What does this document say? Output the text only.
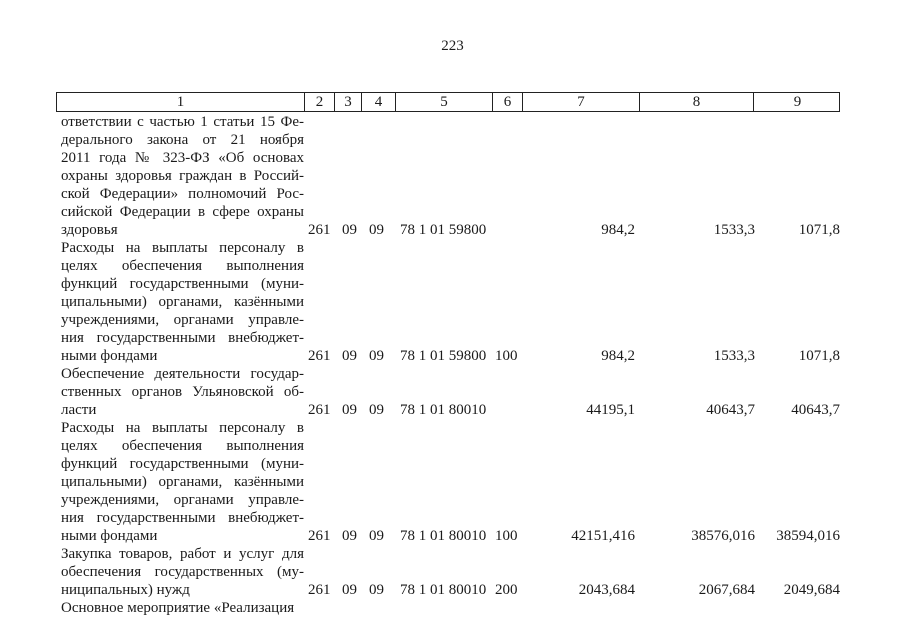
223
1	2	3	4	5	6	7	8	9
ответствии с частью 1 статьи 15 Фе-
дерального закона от 21 ноября
2011 года № 323-ФЗ «Об основах
охраны здоровья граждан в Россий-
ской Федерации» полномочий Рос-
сийской Федерации в сфере охраны
здоровья	261 09 09 78 1 01 59800	984,2	1533,3	1071,8
Расходы на выплаты персоналу в
целях обеспечения выполнения
функций государственными (муни-
ципальными) органами, казёнными
учреждениями, органами управле-
ния государственными внебюджет-
ными фондами	261 09 09 78 1 01 59800 100	984,2	1533,3	1071,8
Обеспечение деятельности государ-
ственных органов Ульяновской об-
ласти	261 09 09 78 1 01 80010	44195,1	40643,7 40643,7
Расходы на выплаты персоналу в
целях обеспечения выполнения
функций государственными (муни-
ципальными) органами, казёнными
учреждениями, органами управле-
ния государственными внебюджет-
ными фондами	261 09 09 78 1 01 80010 100	42151,416	38576,016 38594,016
Закупка товаров, работ и услуг для
обеспечения государственных (му-
ниципальных) нужд	261 09 09 78 1 01 80010 200	2043,684	2067,684 2049,684
Основное мероприятие «Реализация
